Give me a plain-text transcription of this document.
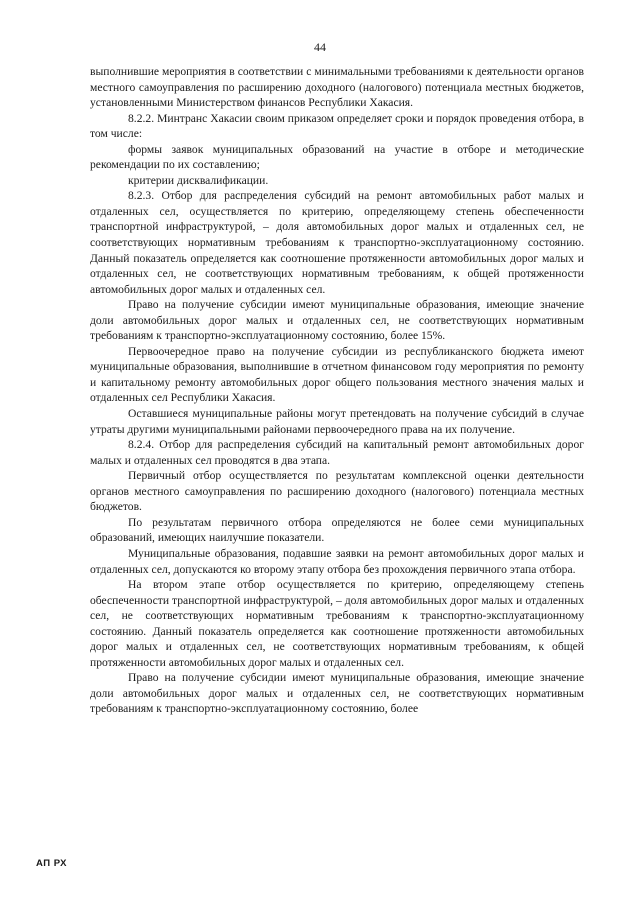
44

выполнившие мероприятия в соответствии с минимальными требованиями к деятельности органов местного самоуправления по расширению доходного (налогового) потенциала местных бюджетов, установленными Министерством финансов Республики Хакасия.

8.2.2. Минтранс Хакасии своим приказом определяет сроки и порядок проведения отбора, в том числе:

формы заявок муниципальных образований на участие в отборе и методические рекомендации по их составлению;

критерии дисквалификации.

8.2.3. Отбор для распределения субсидий на ремонт автомобильных работ малых и отдаленных сел, осуществляется по критерию, определяющему степень обеспеченности транспортной инфраструктурой, – доля автомобильных дорог малых и отдаленных сел, не соответствующих нормативным требованиям к транспортно-эксплуатационному состоянию. Данный показатель определяется как соотношение протяженности автомобильных дорог малых и отдаленных сел, не соответствующих нормативным требованиям, к общей протяженности автомобильных дорог малых и отдаленных сел.

Право на получение субсидии имеют муниципальные образования, имеющие значение доли автомобильных дорог малых и отдаленных сел, не соответствующих нормативным требованиям к транспортно-эксплуатационному состоянию, более 15%.

Первоочередное право на получение субсидии из республиканского бюджета имеют муниципальные образования, выполнившие в отчетном финансовом году мероприятия по ремонту и капитальному ремонту автомобильных дорог общего пользования местного значения малых и отдаленных сел Республики Хакасия.

Оставшиеся муниципальные районы могут претендовать на получение субсидий в случае утраты другими муниципальными районами первоочередного права на их получение.

8.2.4. Отбор для распределения субсидий на капитальный ремонт автомобильных дорог малых и отдаленных сел проводятся в два этапа.

Первичный отбор осуществляется по результатам комплексной оценки деятельности органов местного самоуправления по расширению доходного (налогового) потенциала местных бюджетов.

По результатам первичного отбора определяются не более семи муниципальных образований, имеющих наилучшие показатели.

Муниципальные образования, подавшие заявки на ремонт автомобильных дорог малых и отдаленных сел, допускаются ко второму этапу отбора без прохождения первичного этапа отбора.

На втором этапе отбор осуществляется по критерию, определяющему степень обеспеченности транспортной инфраструктурой, – доля автомобильных дорог малых и отдаленных сел, не соответствующих нормативным требованиям к транспортно-эксплуатационному состоянию. Данный показатель определяется как соотношение протяженности автомобильных дорог малых и отдаленных сел, не соответствующих нормативным требованиям, к общей протяженности автомобильных дорог малых и отдаленных сел.

Право на получение субсидии имеют муниципальные образования, имеющие значение доли автомобильных дорог малых и отдаленных сел, не соответствующих нормативным требованиям к транспортно-эксплуатационному состоянию, более

АП РХ
